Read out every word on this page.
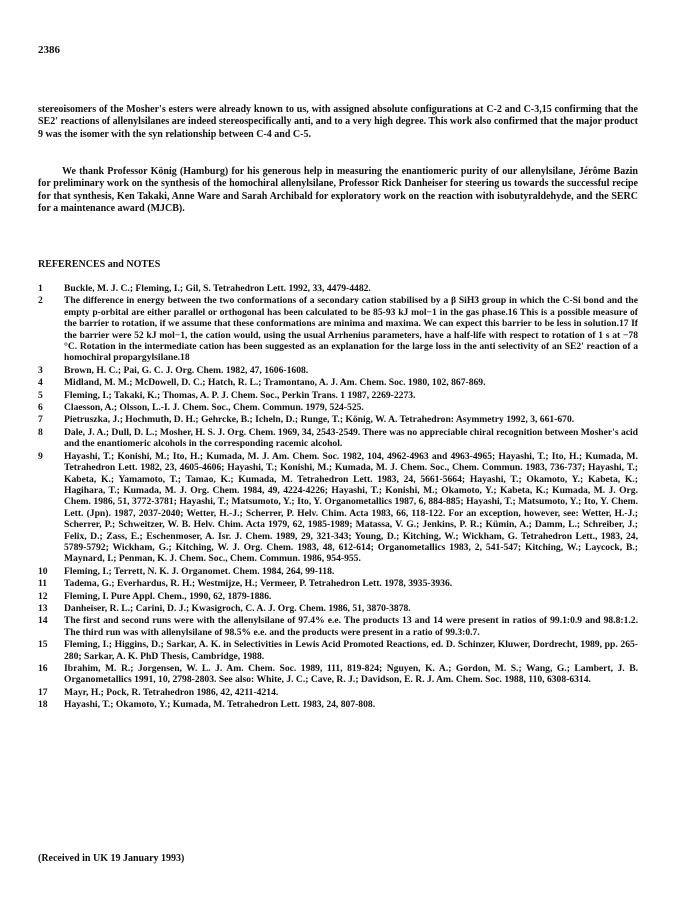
2386

stereoisomers of the Mosher's esters were already known to us, with assigned absolute configurations at C-2 and C-3,15 confirming that the SE2' reactions of allenylsilanes are indeed stereospecifically anti, and to a very high degree. This work also confirmed that the major product 9 was the isomer with the syn relationship between C-4 and C-5.

We thank Professor König (Hamburg) for his generous help in measuring the enantiomeric purity of our allenylsilane, Jérôme Bazin for preliminary work on the synthesis of the homochiral allenylsilane, Professor Rick Danheiser for steering us towards the successful recipe for that synthesis, Ken Takaki, Anne Ware and Sarah Archibald for exploratory work on the reaction with isobutyraldehyde, and the SERC for a maintenance award (MJCB).

REFERENCES and NOTES
1	Buckle, M. J. C.; Fleming, I.; Gil, S. Tetrahedron Lett. 1992, 33, 4479-4482.
2	The difference in energy between the two conformations of a secondary cation stabilised by a β SiH3 group in which the C-Si bond and the empty p-orbital are either parallel or orthogonal has been calculated to be 85-93 kJ mol−1 in the gas phase.16 This is a possible measure of the barrier to rotation, if we assume that these conformations are minima and maxima. We can expect this barrier to be less in solution.17 If the barrier were 52 kJ mol−1, the cation would, using the usual Arrhenius parameters, have a half-life with respect to rotation of 1 s at −78 °C. Rotation in the intermediate cation has been suggested as an explanation for the large loss in the anti selectivity of an SE2' reaction of a homochiral propargylsilane.18
3	Brown, H. C.; Pai, G. C. J. Org. Chem. 1982, 47, 1606-1608.
4	Midland, M. M.; McDowell, D. C.; Hatch, R. L.; Tramontano, A. J. Am. Chem. Soc. 1980, 102, 867-869.
5	Fleming, I.; Takaki, K.; Thomas, A. P. J. Chem. Soc., Perkin Trans. 1 1987, 2269-2273.
6	Claesson, A.; Olsson, L.-I. J. Chem. Soc., Chem. Commun. 1979, 524-525.
7	Pietruszka, J.; Hochmuth, D. H.; Gehrcke, B.; Icheln, D.; Runge, T.; König, W. A. Tetrahedron: Asymmetry 1992, 3, 661-670.
8	Dale, J. A.; Dull, D. L.; Mosher, H. S. J. Org. Chem. 1969, 34, 2543-2549. There was no appreciable chiral recognition between Mosher's acid and the enantiomeric alcohols in the corresponding racemic alcohol.
9	Hayashi, T.; Konishi, M.; Ito, H.; Kumada, M. J. Am. Chem. Soc. 1982, 104, 4962-4963 and 4963-4965; Hayashi, T.; Ito, H.; Kumada, M. Tetrahedron Lett. 1982, 23, 4605-4606; Hayashi, T.; Konishi, M.; Kumada, M. J. Chem. Soc., Chem. Commun. 1983, 736-737; Hayashi, T.; Kabeta, K.; Yamamoto, T.; Tamao, K.; Kumada, M. Tetrahedron Lett. 1983, 24, 5661-5664; Hayashi, T.; Okamoto, Y.; Kabeta, K.; Hagihara, T.; Kumada, M. J. Org. Chem. 1984, 49, 4224-4226; Hayashi, T.; Konishi, M.; Okamoto, Y.; Kabeta, K.; Kumada, M. J. Org. Chem. 1986, 51, 3772-3781; Hayashi, T.; Matsumoto, Y.; Ito, Y. Organometallics 1987, 6, 884-885; Hayashi, T.; Matsumoto, Y.; Ito, Y. Chem. Lett. (Jpn). 1987, 2037-2040; Wetter, H.-J.; Scherrer, P. Helv. Chim. Acta 1983, 66, 118-122. For an exception, however, see: Wetter, H.-J.; Scherrer, P.; Schweitzer, W. B. Helv. Chim. Acta 1979, 62, 1985-1989; Matassa, V. G.; Jenkins, P. R.; Kümin, A.; Damm, L.; Schreiber, J.; Felix, D.; Zass, E.; Eschenmoser, A. Isr. J. Chem. 1989, 29, 321-343; Young, D.; Kitching, W.; Wickham, G. Tetrahedron Lett., 1983, 24, 5789-5792; Wickham, G.; Kitching, W. J. Org. Chem. 1983, 48, 612-614; Organometallics 1983, 2, 541-547; Kitching, W.; Laycock, B.; Maynard, I.; Penman, K. J. Chem. Soc., Chem. Commun. 1986, 954-955.
10	Fleming, I.; Terrett, N. K. J. Organomet. Chem. 1984, 264, 99-118.
11	Tadema, G.; Everhardus, R. H.; Westmijze, H.; Vermeer, P. Tetrahedron Lett. 1978, 3935-3936.
12	Fleming, I. Pure Appl. Chem., 1990, 62, 1879-1886.
13	Danheiser, R. L.; Carini, D. J.; Kwasigroch, C. A. J. Org. Chem. 1986, 51, 3870-3878.
14	The first and second runs were with the allenylsilane of 97.4% e.e. The products 13 and 14 were present in ratios of 99.1:0.9 and 98.8:1.2. The third run was with allenylsilane of 98.5% e.e. and the products were present in a ratio of 99.3:0.7.
15	Fleming, I.; Higgins, D.; Sarkar, A. K. in Selectivities in Lewis Acid Promoted Reactions, ed. D. Schinzer, Kluwer, Dordrecht, 1989, pp. 265-280; Sarkar, A. K. PhD Thesis, Cambridge, 1988.
16	Ibrahim, M. R.; Jorgensen, W. L. J. Am. Chem. Soc. 1989, 111, 819-824; Nguyen, K. A.; Gordon, M. S.; Wang, G.; Lambert, J. B. Organometallics 1991, 10, 2798-2803. See also: White, J. C.; Cave, R. J.; Davidson, E. R. J. Am. Chem. Soc. 1988, 110, 6308-6314.
17	Mayr, H.; Pock, R. Tetrahedron 1986, 42, 4211-4214.
18	Hayashi, T.; Okamoto, Y.; Kumada, M. Tetrahedron Lett. 1983, 24, 807-808.
(Received in UK 19 January 1993)
